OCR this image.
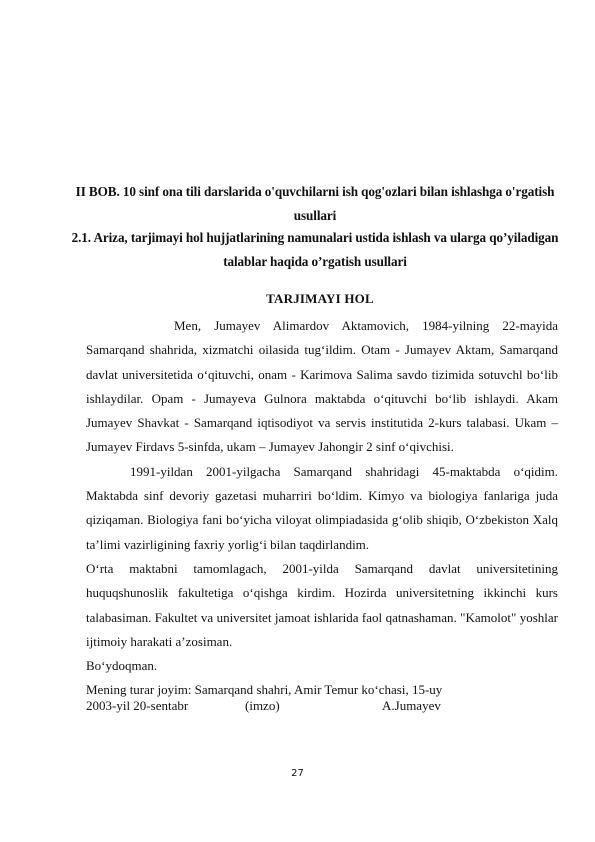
II BOB. 10 sinf ona tili darslarida o'quvchilarni ish qog'ozlari bilan ishlashga o'rgatish usullari
2.1. Ariza, tarjimayi hol hujjatlarining namunalari ustida ishlash va ularga qo’yiladigan talablar haqida o’rgatish usullari
TARJIMAYI HOL

Men, Jumayev Alimardov Aktamovich, 1984-yilning 22-mayida Samarqand shahrida, xizmatchi oilasida tug‘ildim. Otam - Jumayev Aktam, Samarqand davlat universitetida o‘qituvchi, onam - Karimova Salima savdo tizimida sotuvchl bo‘lib ishlaydilar. Opam - Jumayeva Gulnora maktabda o‘qituvchi bo‘lib ishlaydi. Akam Jumayev Shavkat - Samarqand iqtisodiyot va servis institutida 2-kurs talabasi. Ukam – Jumayev Firdavs 5-sinfda, ukam – Jumayev Jahongir 2 sinf o‘qivchisi.

1991-yildan 2001-yilgacha Samarqand shahridagi 45-maktabda o‘qidim. Maktabda sinf devoriy gazetasi muharriri bo‘ldim. Kimyo va biologiya fanlariga juda qiziqaman. Biologiya fani bo‘yicha viloyat olimpiadasida g‘olib shiqib, O‘zbekiston Xalq ta’limi vazirligining faxriy yorlig‘i bilan taqdirlandim.

O‘rta maktabni tamomlagach, 2001-yilda Samarqand davlat universitetining huquqshunoslik fakultetiga o‘qishga kirdim. Hozirda universitetning ikkinchi kurs talabasiman. Fakultet va universitet jamoat ishlarida faol qatnashaman. "Kamolot" yoshlar ijtimoiy harakati a’zosiman.

Bo‘ydoqman.

Mening turar joyim: Samarqand shahri, Amir Temur ko‘chasi, 15-uy

2003-yil 20-sentabr	(imzo)	A.Jumayev
27
